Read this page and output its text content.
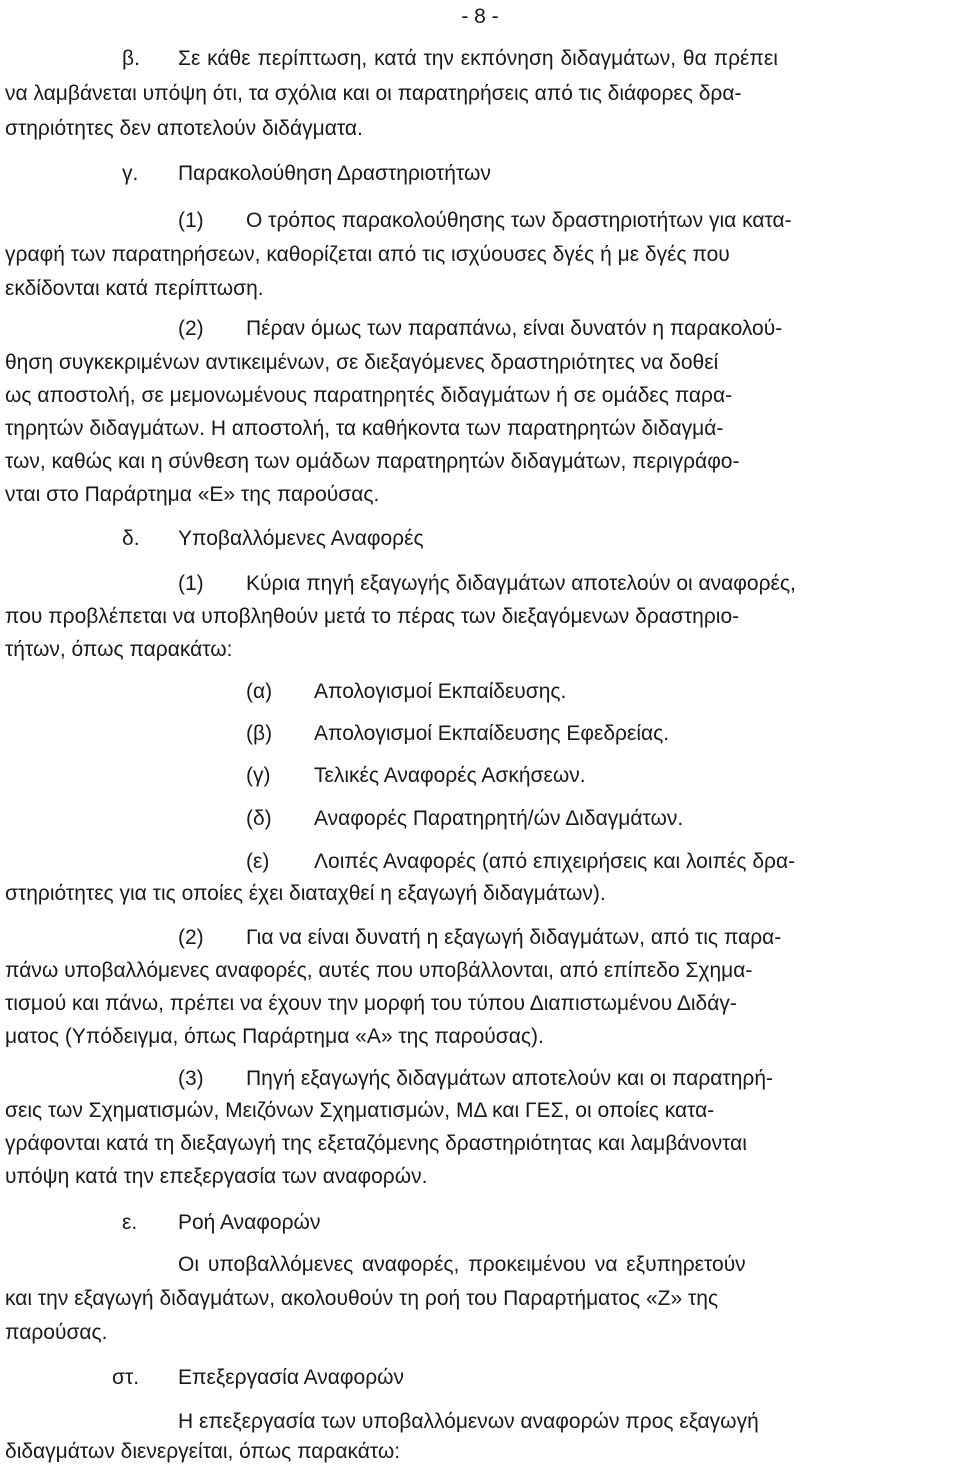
- 8 -
β. Σε κάθε περίπτωση, κατά την εκπόνηση διδαγμάτων, θα πρέπει
να λαμβάνεται υπόψη ότι, τα σχόλια και οι παρατηρήσεις από τις διάφορες δρα-
στηριότητες δεν αποτελούν διδάγματα.
γ. Παρακολούθηση Δραστηριοτήτων
(1) Ο τρόπος παρακολούθησης των δραστηριοτήτων για κατα-
γραφή των παρατηρήσεων, καθορίζεται από τις ισχύουσες δγές ή με δγές που
εκδίδονται κατά περίπτωση.
(2) Πέραν όμως των παραπάνω, είναι δυνατόν η παρακολού-
θηση συγκεκριμένων αντικειμένων, σε διεξαγόμενες δραστηριότητες να δοθεί
ως αποστολή, σε μεμονωμένους παρατηρητές διδαγμάτων ή σε ομάδες παρα-
τηρητών διδαγμάτων. Η αποστολή, τα καθήκοντα των παρατηρητών διδαγμά-
των, καθώς και η σύνθεση των ομάδων παρατηρητών διδαγμάτων, περιγράφο-
νται στο Παράρτημα «Ε» της παρούσας.
δ. Υποβαλλόμενες Αναφορές
(1) Κύρια πηγή εξαγωγής διδαγμάτων αποτελούν οι αναφορές,
που προβλέπεται να υποβληθούν μετά το πέρας των διεξαγόμενων δραστηριο-
τήτων, όπως παρακάτω:
(α) Απολογισμοί Εκπαίδευσης.
(β) Απολογισμοί Εκπαίδευσης Εφεδρείας.
(γ) Τελικές Αναφορές Ασκήσεων.
(δ) Αναφορές Παρατηρητή/ών Διδαγμάτων.
(ε) Λοιπές Αναφορές (από επιχειρήσεις και λοιπές δρα-
στηριότητες για τις οποίες έχει διαταχθεί η εξαγωγή διδαγμάτων).
(2) Για να είναι δυνατή η εξαγωγή διδαγμάτων, από τις παρα-
πάνω υποβαλλόμενες αναφορές, αυτές που υποβάλλονται, από επίπεδο Σχημα-
τισμού και πάνω, πρέπει να έχουν την μορφή του τύπου Διαπιστωμένου Διδάγ-
ματος (Υπόδειγμα, όπως Παράρτημα «Α» της παρούσας).
(3) Πηγή εξαγωγής διδαγμάτων αποτελούν και οι παρατηρή-
σεις των Σχηματισμών, Μειζόνων Σχηματισμών, ΜΔ και ΓΕΣ, οι οποίες κατα-
γράφονται κατά τη διεξαγωγή της εξεταζόμενης δραστηριότητας και λαμβάνονται
υπόψη κατά την επεξεργασία των αναφορών.
ε. Ροή Αναφορών
Οι υποβαλλόμενες αναφορές, προκειμένου να εξυπηρετούν
και την εξαγωγή διδαγμάτων, ακολουθούν τη ροή του Παραρτήματος «Ζ» της
παρούσας.
στ. Επεξεργασία Αναφορών
Η επεξεργασία των υποβαλλόμενων αναφορών προς εξαγωγή
διδαγμάτων διενεργείται, όπως παρακάτω:
